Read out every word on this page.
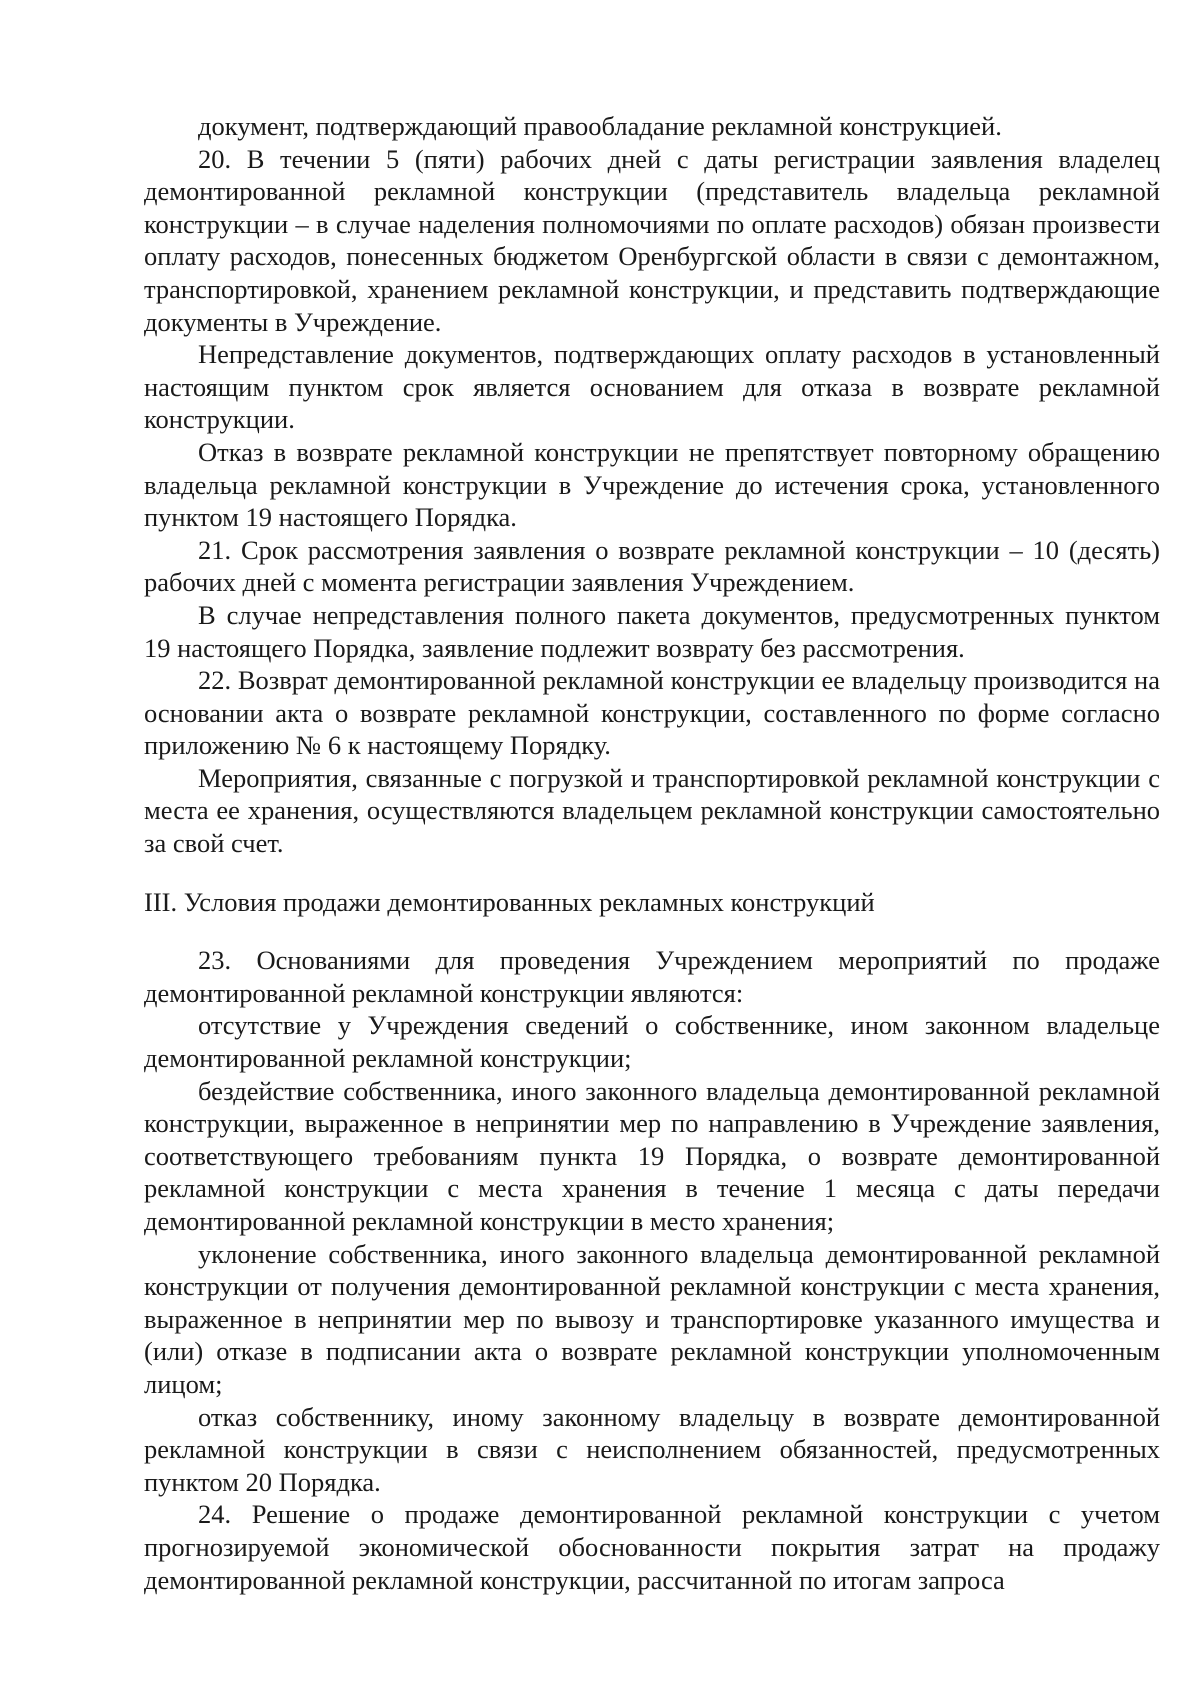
документ, подтверждающий правообладание рекламной конструкцией.

20. В течении 5 (пяти) рабочих дней с даты регистрации заявления владелец демонтированной рекламной конструкции (представитель владельца рекламной конструкции – в случае наделения полномочиями по оплате расходов) обязан произвести оплату расходов, понесенных бюджетом Оренбургской области в связи с демонтажном, транспортировкой, хранением рекламной конструкции, и представить подтверждающие документы в Учреждение.

Непредставление документов, подтверждающих оплату расходов в установленный настоящим пунктом срок является основанием для отказа в возврате рекламной конструкции.

Отказ в возврате рекламной конструкции не препятствует повторному обращению владельца рекламной конструкции в Учреждение до истечения срока, установленного пунктом 19 настоящего Порядка.

21. Срок рассмотрения заявления о возврате рекламной конструкции – 10 (десять) рабочих дней с момента регистрации заявления Учреждением.

В случае непредставления полного пакета документов, предусмотренных пунктом 19 настоящего Порядка, заявление подлежит возврату без рассмотрения.

22. Возврат демонтированной рекламной конструкции ее владельцу производится на основании акта о возврате рекламной конструкции, составленного по форме согласно приложению № 6 к настоящему Порядку.

Мероприятия, связанные с погрузкой и транспортировкой рекламной конструкции с места ее хранения, осуществляются владельцем рекламной конструкции самостоятельно за свой счет.

III. Условия продажи демонтированных рекламных конструкций

23. Основаниями для проведения Учреждением мероприятий по продаже демонтированной рекламной конструкции являются:

отсутствие у Учреждения сведений о собственнике, ином законном владельце демонтированной рекламной конструкции;

бездействие собственника, иного законного владельца демонтированной рекламной конструкции, выраженное в непринятии мер по направлению в Учреждение заявления, соответствующего требованиям пункта 19 Порядка, о возврате демонтированной рекламной конструкции с места хранения в течение 1 месяца с даты передачи демонтированной рекламной конструкции в место хранения;

уклонение собственника, иного законного владельца демонтированной рекламной конструкции от получения демонтированной рекламной конструкции с места хранения, выраженное в непринятии мер по вывозу и транспортировке указанного имущества и (или) отказе в подписании акта о возврате рекламной конструкции уполномоченным лицом;

отказ собственнику, иному законному владельцу в возврате демонтированной рекламной конструкции в связи с неисполнением обязанностей, предусмотренных пунктом 20 Порядка.

24. Решение о продаже демонтированной рекламной конструкции с учетом прогнозируемой экономической обоснованности покрытия затрат на продажу демонтированной рекламной конструкции, рассчитанной по итогам запроса
